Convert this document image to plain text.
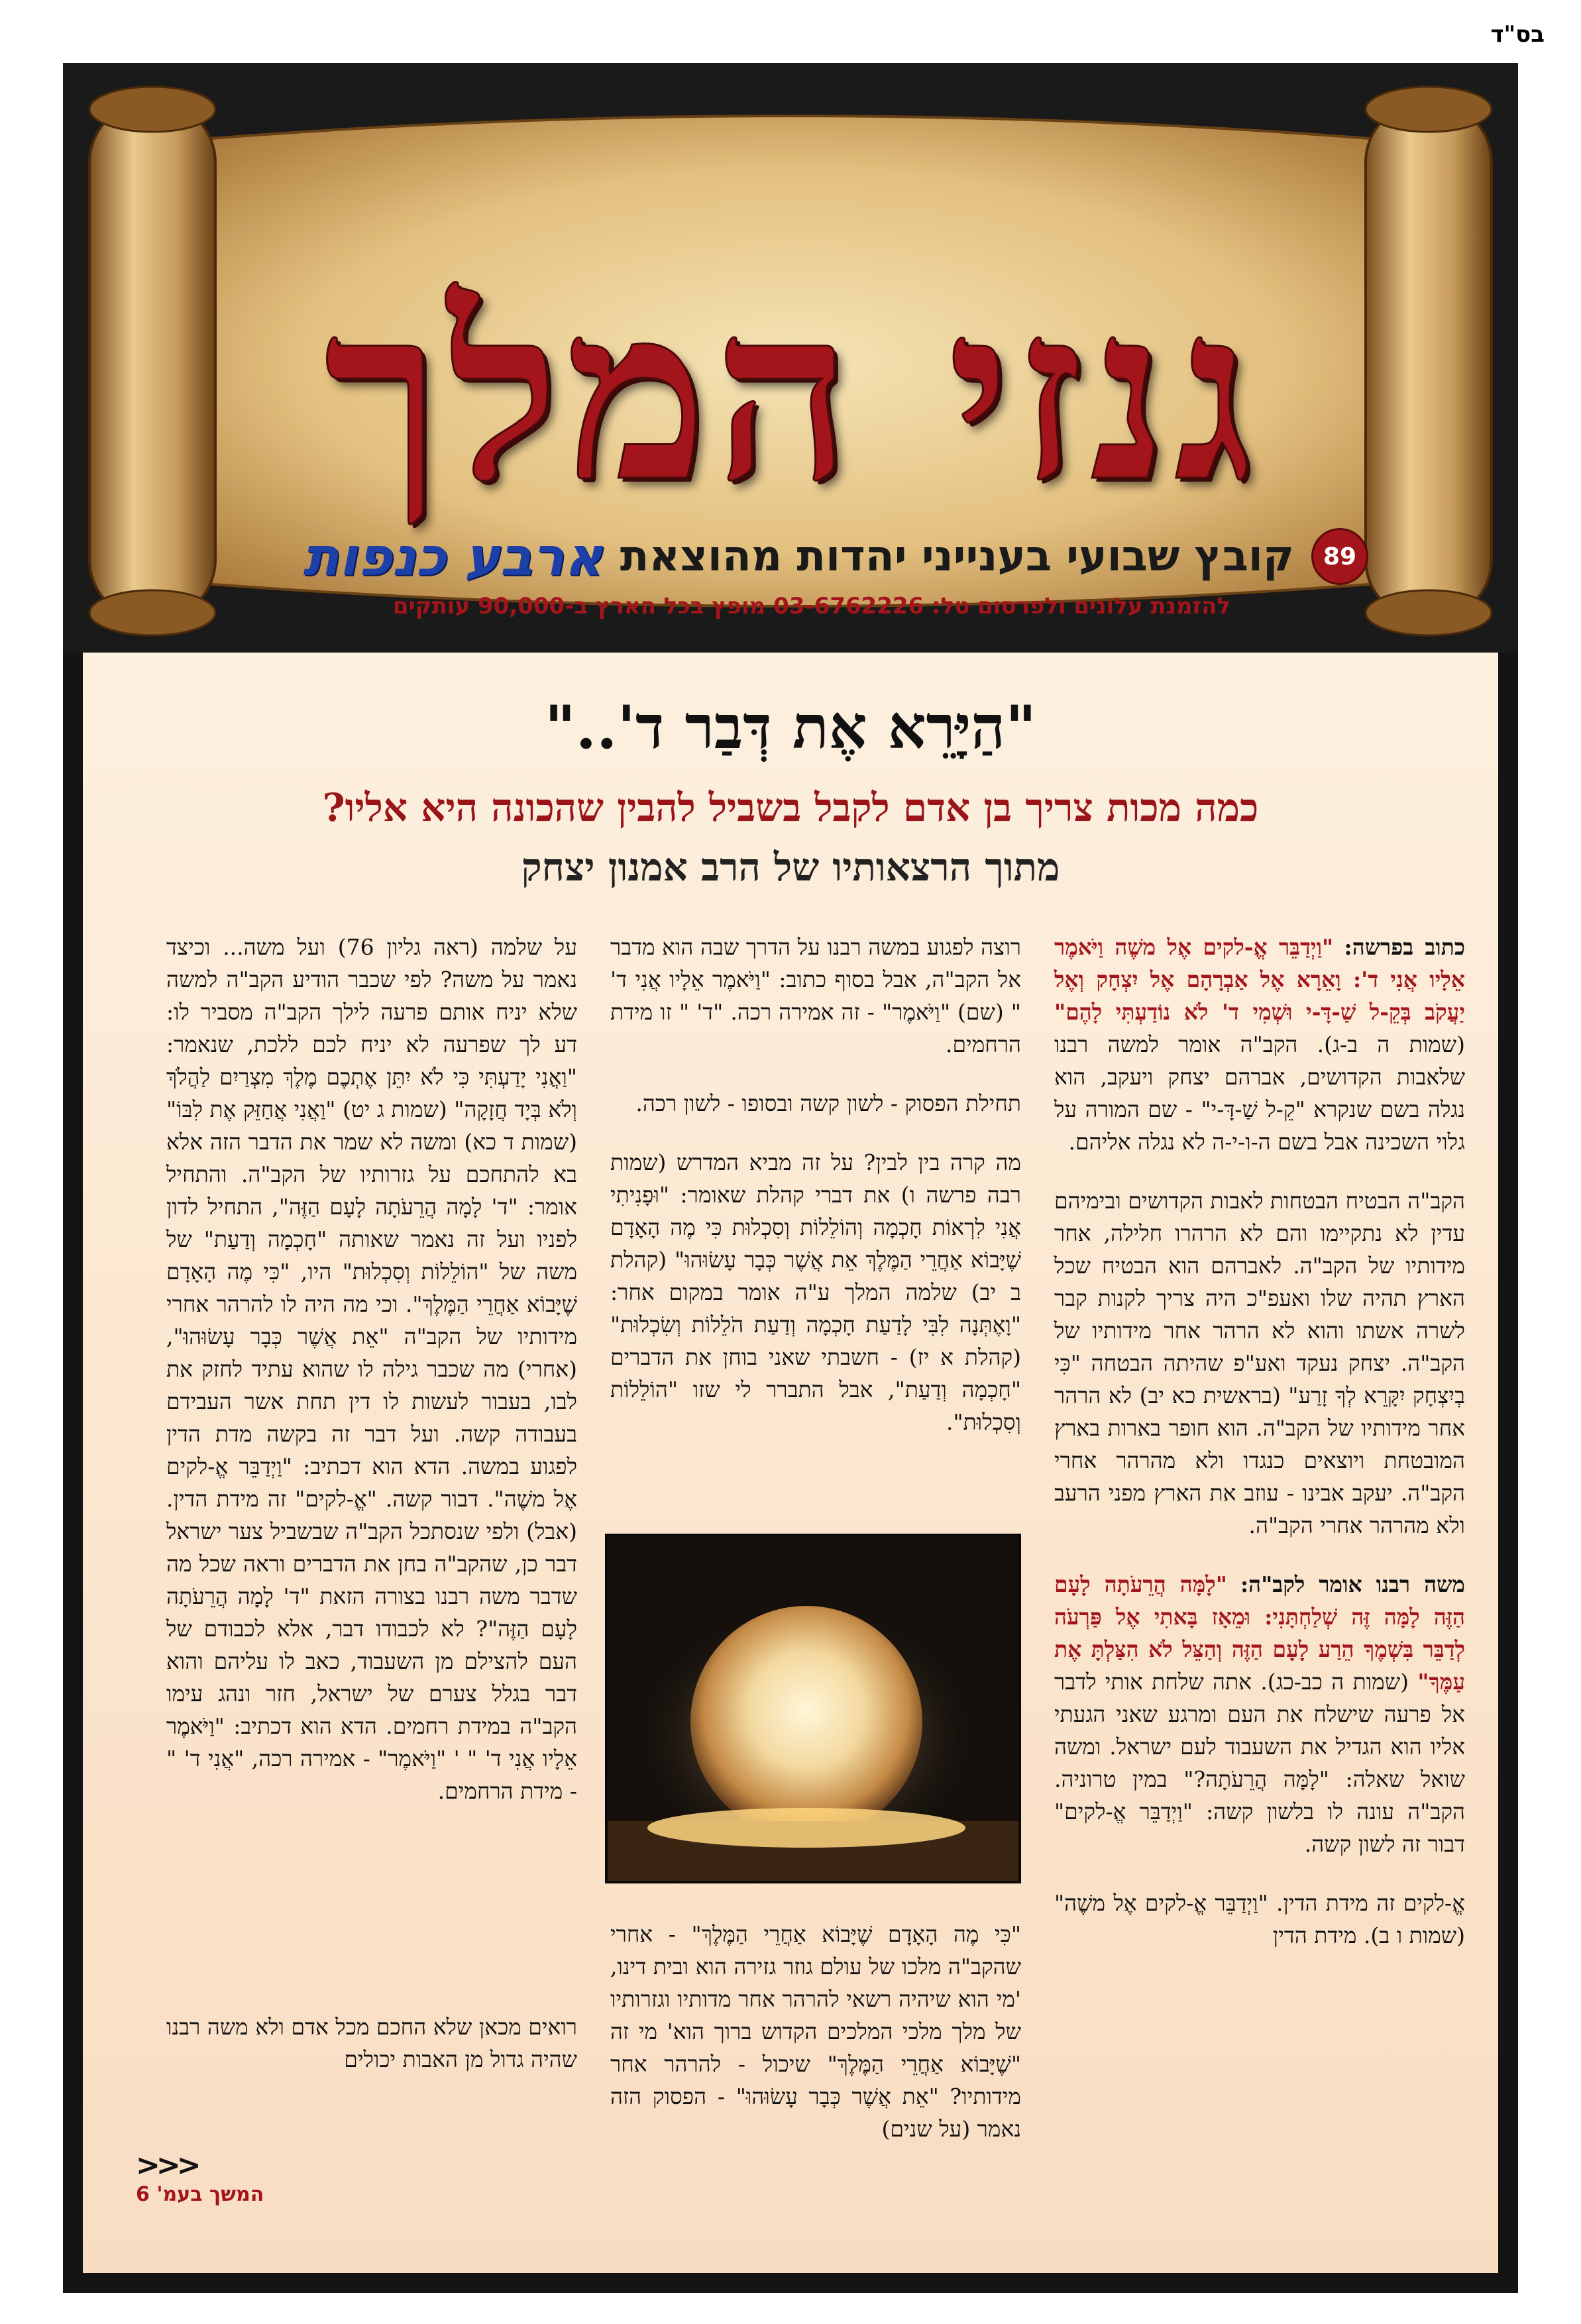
בס"ד
גנזי המלך
89
קובץ שבועי בענייני יהדות מהוצאת
ארבע כנפות
להזמנת עלונים ולפרסום טל: 03-6762226 מופץ בכל הארץ ב-90,000 עותקים
"הַיָּרֵא אֶת דְּבַר ד'.."
כמה מכות צריך בן אדם לקבל בשביל להבין שהכונה היא אליו?
מתוך הרצאותיו של הרב אמנון יצחק

כתוב בפרשה: "וַיְדַבֵּר אֱ-לקים אֶל משֶׁה וַיֹּאמֶר אֵלָיו אֲנִי ד': וָאֵרָא אֶל אַבְרָהָם אֶל יִצְחָק וְאֶל יַעֲקֹב בְּקֵ-ל שַׁ-דָּ-י וּשְׁמִי ד' לֹא נוֹדַעְתִּי לָהֶם" (שמות ה ב-ג). הקב"ה אומר למשה רבנו שלאבות הקדושים, אברהם יצחק ויעקב, הוא נגלה בשם שנקרא "קֵ-ל שַׁ-דָּ-י" - שם המורה על גלוי השכינה אבל בשם ה-ו-י-ה לא נגלה אליהם.

הקב"ה הבטיח הבטחות לאבות הקדושים ובימיהם עדין לא נתקיימו והם לא הרהרו חלילה, אחר מידותיו של הקב"ה. לאברהם הוא הבטיח שכל הארץ תהיה שלו ואעפ"כ היה צריך לקנות קבר לשרה אשתו והוא לא הרהר אחר מידותיו של הקב"ה. יצחק נעקד ואע"פ שהיתה הבטחה "כִּי בְיִצְחָק יִקָּרֵא לְךָ זָרַע" (בראשית כא יב) לא הרהר אחר מידותיו של הקב"ה. הוא חופר בארות בארץ המובטחת ויוצאים כנגדו ולא מהרהר אחרי הקב"ה. יעקב אבינו - עוזב את הארץ מפני הרעב ולא מהרהר אחרי הקב"ה.

משה רבנו אומר לקב"ה: "לָמָּה הֲרֵעֹתָה לָעָם הַזֶּה לָמָּה זֶּה שְׁלַחְתָּנִי: וּמֵאָז בָּאתִי אֶל פַּרְעֹה לְדַבֵּר בִּשְׁמֶךָ הֵרַע לָעָם הַזֶּה וְהַצֵּל לֹא הִצַּלְתָּ אֶת עַמֶּךָ" (שמות ה כב-כג). אתה שלחת אותי לדבר אל פרעה שישלח את העם ומרגע שאני הגעתי אליו הוא הגדיל את השעבוד לעם ישראל. ומשה שואל שאלה: "לָמָּה הֲרֵעֹתָה?" במין טרוניה. הקב"ה עונה לו בלשון קשה: "וַיְדַבֵּר אֱ-לקים" דבור זה לשון קשה.

אֱ-לקים זה מידת הדין. "וַיְדַבֵּר אֱ-לקים אֶל משֶׁה" (שמות ו ב). מידת הדין

רוצה לפגוע במשה רבנו על הדרך שבה הוא מדבר אל הקב"ה, אבל בסוף כתוב: "וַיֹּאמֶר אֵלָיו אֲנִי ד' " (שם) "וַיֹּאמֶר" - זה אמירה רכה. "ד' " זו מידת הרחמים.

תחילת הפסוק - לשון קשה ובסופו - לשון רכה.

מה קרה בין לבין? על זה מביא המדרש (שמות רבה פרשה ו) את דברי קהלת שאומר: "וּפָנִיתִי אֲנִי לִרְאוֹת חָכְמָה וְהוֹלֵלוֹת וְסִכְלוּת כִּי מֶה הָאָדָם שֶׁיָּבוֹא אַחֲרֵי הַמֶּלֶךְ אֵת אֲשֶׁר כְּבָר עָשׂוּהוּ" (קהלת ב יב) שלמה המלך ע"ה אומר במקום אחר: "וָאֶתְּנָה לִבִּי לָדַעַת חָכְמָה וְדַעַת הֹלֵלוֹת וְשִׂכְלוּת" (קהלת א יז) - חשבתי שאני בוחן את הדברים "חָכְמָה וְדַעַת", אבל התברר לי שזו "הוֹלֵלוֹת וְסִכְלוּת".

"כִּי מֶה הָאָדָם שֶׁיָּבוֹא אַחֲרֵי הַמֶּלֶךְ" - אחרי שהקב"ה מלכו של עולם גוזר גזירה הוא ובית דינו, 'מי הוא שיהיה רשאי להרהר אחר מדותיו וגזרותיו של מלך מלכי המלכים הקדוש ברוך הוא' מי זה "שֶׁיָּבוֹא אַחֲרֵי הַמֶּלֶךְ" שיכול - להרהר אחר מידותיו? "אֵת אֲשֶׁר כְּבָר עָשׂוּהוּ" - הפסוק הזה נאמר (על שנים)

על שלמה (ראה גליון 76) ועל משה... וכיצד נאמר על משה? לפי שכבר הודיע הקב"ה למשה שלא יניח אותם פרעה לילך הקב"ה מסביר לו: דע לך שפרעה לא יניח לכם ללכת, שנאמר: "וַאֲנִי יָדַעְתִּי כִּי לֹא יִתֵּן אֶתְכֶם מֶלֶךְ מִצְרַיִם לַהֲלֹךְ וְלֹא בְּיָד חֲזָקָה" (שמות ג יט) "וַאֲנִי אֲחַזֵּק אֶת לִבּוֹ" (שמות ד כא) ומשה לא שמר את הדבר הזה אלא בא להתחכם על גזרותיו של הקב"ה. והתחיל אומר: "ד' לָמָה הֲרֵעֹתָה לָעָם הַזֶּה", התחיל לדון לפניו ועל זה נאמר שאותה "חָכְמָה וְדַעַת" של משה של "הוֹלֵלוֹת וְסִכְלוּת" היו, "כִּי מֶה הָאָדָם שֶׁיָּבוֹא אַחֲרֵי הַמֶּלֶךְ". וכי מה היה לו להרהר אחרי מידותיו של הקב"ה "אֵת אֲשֶׁר כְּבָר עָשׂוּהוּ", (אחרי) מה שכבר גילה לו שהוא עתיד לחזק את לבו, בעבור לעשות לו דין תחת אשר העבידם בעבודה קשה. ועל דבר זה בקשה מדת הדין לפגוע במשה. הדא הוא דכתיב: "וַיְדַבֵּר אֱ-לקים אֶל משֶׁה". דבור קשה. "אֱ-לקים" זה מידת הדין. (אבל) ולפי שנסתכל הקב"ה שבשביל צער ישראל דבר כן, שהקב"ה בחן את הדברים וראה שכל מה שדבר משה רבנו בצורה הזאת "ד' לָמָה הֲרֵעֹתָה לָעָם הַזֶּה"? לא לכבודו דבר, אלא לכבודם של העם להצילם מן השעבוד, כאב לו עליהם והוא דבר בגלל צערם של ישראל, חזר ונהג עימו הקב"ה במידת רחמים. הדא הוא דכתיב: "וַיֹּאמֶר אֵלָיו אֲנִי ד' " ' "וַיֹּאמֶר" - אמירה רכה, "אֲנִי ד' " - מידת הרחמים.

רואים מכאן שלא החכם מכל אדם ולא משה רבנו שהיה גדול מן האבות יכולים

<<<
המשך בעמ' 6
